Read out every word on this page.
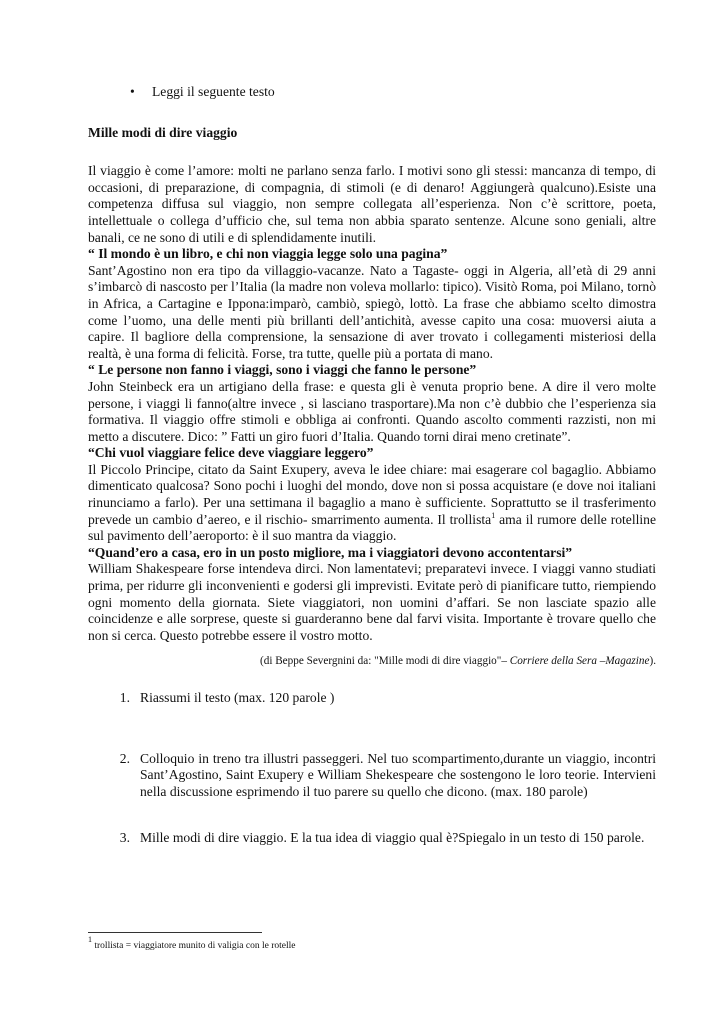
•	Leggi il seguente testo

Mille modi di dire viaggio

Il viaggio è come l’amore: molti ne parlano senza farlo. I motivi sono gli stessi: mancanza di tempo, di occasioni, di preparazione, di compagnia, di stimoli (e di denaro! Aggiungerà qualcuno).Esiste una competenza diffusa sul viaggio, non sempre collegata all’esperienza. Non c’è scrittore, poeta, intellettuale o collega d’ufficio che, sul tema non abbia sparato sentenze. Alcune sono geniali, altre banali, ce ne sono di utili e di splendidamente inutili.

“ Il mondo è un libro, e chi non viaggia legge solo una pagina”

Sant’Agostino non era tipo da villaggio-vacanze. Nato a Tagaste- oggi in Algeria, all’età di 29 anni s’imbarcò di nascosto per l’Italia (la madre non voleva mollarlo: tipico). Visitò Roma, poi Milano, tornò in Africa, a Cartagine e Ippona:imparò, cambiò, spiegò, lottò. La frase che abbiamo scelto dimostra come l’uomo, una delle menti più brillanti dell’antichità, avesse capito una cosa: muoversi aiuta a capire. Il bagliore della comprensione, la sensazione di aver trovato i collegamenti misteriosi della realtà, è una forma di felicità. Forse, tra tutte, quelle più a portata di mano.

“ Le persone non fanno i viaggi, sono i viaggi che fanno le persone”

John Steinbeck era un artigiano della frase: e questa gli è venuta proprio bene. A dire il vero molte persone, i viaggi li fanno(altre invece , si lasciano trasportare).Ma non c’è dubbio che l’esperienza sia formativa. Il viaggio offre stimoli e obbliga ai confronti. Quando ascolto commenti razzisti, non mi metto a discutere. Dico: ” Fatti un giro fuori d’Italia. Quando torni dirai meno cretinate”.

“Chi vuol viaggiare felice deve viaggiare leggero”

Il Piccolo Principe, citato da Saint Exupery, aveva le idee chiare: mai esagerare col bagaglio. Abbiamo dimenticato qualcosa? Sono pochi i luoghi del mondo, dove non si possa acquistare (e dove noi italiani rinunciamo a farlo). Per una settimana il bagaglio a mano è sufficiente. Soprattutto se il trasferimento prevede un cambio d’aereo, e il rischio- smarrimento aumenta. Il trollista$^1$ ama il rumore delle rotelline sul pavimento dell’aeroporto: è il suo mantra da viaggio.

“Quand’ero a casa, ero in un posto migliore, ma i viaggiatori devono accontentarsi”

William Shakespeare forse intendeva dirci. Non lamentatevi; preparatevi invece. I viaggi vanno studiati prima, per ridurre gli inconvenienti e godersi gli imprevisti. Evitate però di pianificare tutto, riempiendo ogni momento della giornata. Siete viaggiatori, non uomini d’affari. Se non lasciate spazio alle coincidenze e alle sorprese, queste si guarderanno bene dal farvi visita. Importante è trovare quello che non si cerca. Questo potrebbe essere il vostro motto.

(di Beppe Severgnini da: "Mille modi di dire viaggio"– Corriere della Sera –Magazine).

1. Riassumi il testo (max. 120 parole )
2. Colloquio in treno tra illustri passeggeri. Nel tuo scompartimento,durante un viaggio, incontri Sant’Agostino, Saint Exupery e William Shekespeare che sostengono le loro teorie. Intervieni nella discussione esprimendo il tuo parere su quello che dicono. (max. 180 parole)
3. Mille modi di dire viaggio. E la tua idea di viaggio qual è?Spiegalo in un testo di 150 parole.
$^1$ trollista = viaggiatore munito di valigia con le rotelle
